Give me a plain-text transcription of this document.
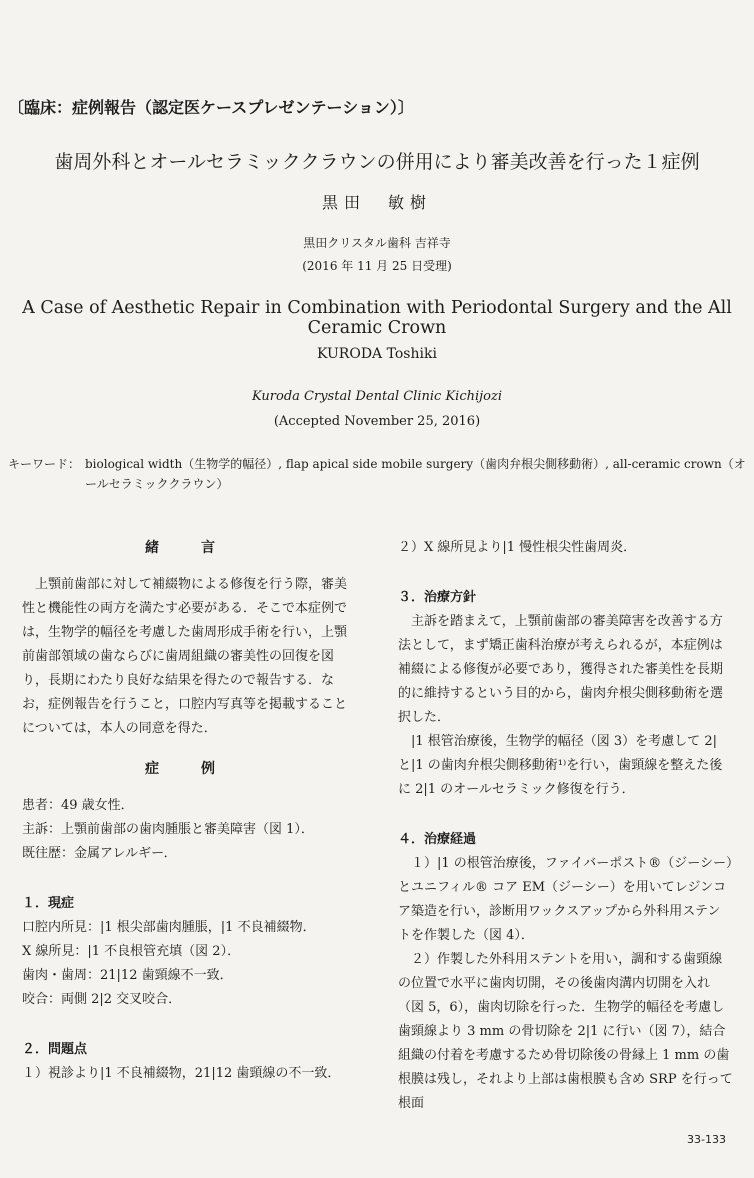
〔臨床：症例報告（認定医ケースプレゼンテーション）〕
歯周外科とオールセラミッククラウンの併用により審美改善を行った１症例
黒田　敏樹
黒田クリスタル歯科 吉祥寺
(2016 年 11 月 25 日受理)
A Case of Aesthetic Repair in Combination with Periodontal Surgery and the All Ceramic Crown
KURODA Toshiki
Kuroda Crystal Dental Clinic Kichijozi
(Accepted November 25, 2016)
キーワード： biological width（生物学的幅径）, flap apical side mobile surgery（歯肉弁根尖側移動術）, all-ceramic crown（オールセラミッククラウン）

緒　言

上顎前歯部に対して補綴物による修復を行う際，審美性と機能性の両方を満たす必要がある．そこで本症例では，生物学的幅径を考慮した歯周形成手術を行い，上顎前歯部領域の歯ならびに歯周組織の審美性の回復を図り，長期にわたり良好な結果を得たので報告する．なお，症例報告を行うこと，口腔内写真等を掲載することについては，本人の同意を得た．

症　例

患者：49 歳女性．

主訴：上顎前歯部の歯肉腫脹と審美障害（図 1）．

既往歴：金属アレルギー．

１．現症

口腔内所見：|1 根尖部歯肉腫脹，|1 不良補綴物．

X 線所見：|1 不良根管充填（図 2）．

歯肉・歯周：21|12 歯頸線不一致．

咬合：両側 2|2 交叉咬合．

２．問題点

１）視診より|1 不良補綴物，21|12 歯頸線の不一致．

２）X 線所見より|1 慢性根尖性歯周炎．

３．治療方針

主訴を踏まえて，上顎前歯部の審美障害を改善する方法として，まず矯正歯科治療が考えられるが，本症例は補綴による修復が必要であり，獲得された審美性を長期的に維持するという目的から，歯肉弁根尖側移動術を選択した．

|1 根管治療後，生物学的幅径（図 3）を考慮して 2|と|1 の歯肉弁根尖側移動術¹⁾を行い，歯頸線を整えた後に 2|1 のオールセラミック修復を行う．

４．治療経過

１）|1 の根管治療後，ファイバーポスト®（ジーシー）とユニフィル® コア EM（ジーシー）を用いてレジンコア築造を行い，診断用ワックスアップから外科用ステントを作製した（図 4）．

２）作製した外科用ステントを用い，調和する歯頸線の位置で水平に歯肉切開，その後歯肉溝内切開を入れ（図 5，6），歯肉切除を行った．生物学的幅径を考慮し歯頸線より 3 mm の骨切除を 2|1 に行い（図 7），結合組織の付着を考慮するため骨切除後の骨縁上 1 mm の歯根膜は残し，それより上部は歯根膜も含め SRP を行って根面

33-133
